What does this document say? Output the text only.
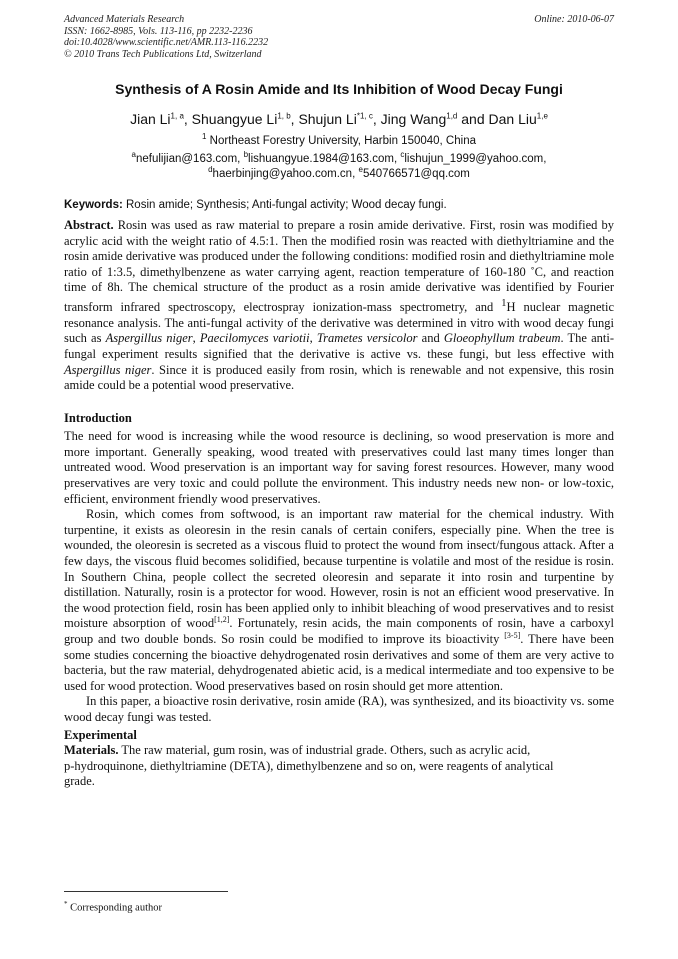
Advanced Materials Research
ISSN: 1662-8985, Vols. 113-116, pp 2232-2236
doi:10.4028/www.scientific.net/AMR.113-116.2232
© 2010 Trans Tech Publications Ltd, Switzerland
Online: 2010-06-07
Synthesis of A Rosin Amide and Its Inhibition of Wood Decay Fungi
Jian Li$^{1, a}$, Shuangyue Li$^{1, b}$, Shujun Li$^{*1, c}$, Jing Wang$^{1,d}$ and Dan Liu$^{1,e}$
$^1$ Northeast Forestry University, Harbin 150040, China
$^a$nefulijian@163.com, $^b$lishuangyue.1984@163.com, $^c$lishujun_1999@yahoo.com,
$^d$haerbinjing@yahoo.com.cn, $^e$540766571@qq.com
Keywords: Rosin amide; Synthesis; Anti-fungal activity; Wood decay fungi.

Abstract. Rosin was used as raw material to prepare a rosin amide derivative. First, rosin was modified by acrylic acid with the weight ratio of 4.5:1. Then the modified rosin was reacted with diethyltriamine and the rosin amide derivative was produced under the following conditions: modified rosin and diethyltriamine mole ratio of 1:3.5, dimethylbenzene as water carrying agent, reaction temperature of 160-180 ˚C, and reaction time of 8h. The chemical structure of the product as a rosin amide derivative was identified by Fourier transform infrared spectroscopy, electrospray ionization-mass spectrometry, and $^1$H nuclear magnetic resonance analysis. The anti-fungal activity of the derivative was determined in vitro with wood decay fungi such as Aspergillus niger, Paecilomyces variotii, Trametes versicolor and Gloeophyllum trabeum. The anti-fungal experiment results signified that the derivative is active vs. these fungi, but less effective with Aspergillus niger. Since it is produced easily from rosin, which is renewable and not expensive, this rosin amide could be a potential wood preservative.

Introduction

The need for wood is increasing while the wood resource is declining, so wood preservation is more and more important. Generally speaking, wood treated with preservatives could last many times longer than untreated wood. Wood preservation is an important way for saving forest resources. However, many wood preservatives are very toxic and could pollute the environment. This industry needs new non- or low-toxic, efficient, environment friendly wood preservatives.

Rosin, which comes from softwood, is an important raw material for the chemical industry. With turpentine, it exists as oleoresin in the resin canals of certain conifers, especially pine. When the tree is wounded, the oleoresin is secreted as a viscous fluid to protect the wound from insect/fungous attack. After a few days, the viscous fluid becomes solidified, because turpentine is volatile and most of the residue is rosin. In Southern China, people collect the secreted oleoresin and separate it into rosin and turpentine by distillation. Naturally, rosin is a protector for wood. However, rosin is not an efficient wood preservative. In the wood protection field, rosin has been applied only to inhibit bleaching of wood preservatives and to resist moisture absorption of wood[1,2]. Fortunately, resin acids, the main components of rosin, have a carboxyl group and two double bonds. So rosin could be modified to improve its bioactivity [3-5]. There have been some studies concerning the bioactive dehydrogenated rosin derivatives and some of them are very active to bacteria, but the raw material, dehydrogenated abietic acid, is a medical intermediate and too expensive to be used for wood protection. Wood preservatives based on rosin should get more attention.

In this paper, a bioactive rosin derivative, rosin amide (RA), was synthesized, and its bioactivity vs. some wood decay fungi was tested.

Experimental
Materials. The raw material, gum rosin, was of industrial grade. Others, such as acrylic acid,
p-hydroquinone, diethyltriamine (DETA), dimethylbenzene and so on, were reagents of analytical
grade.
* Corresponding author
